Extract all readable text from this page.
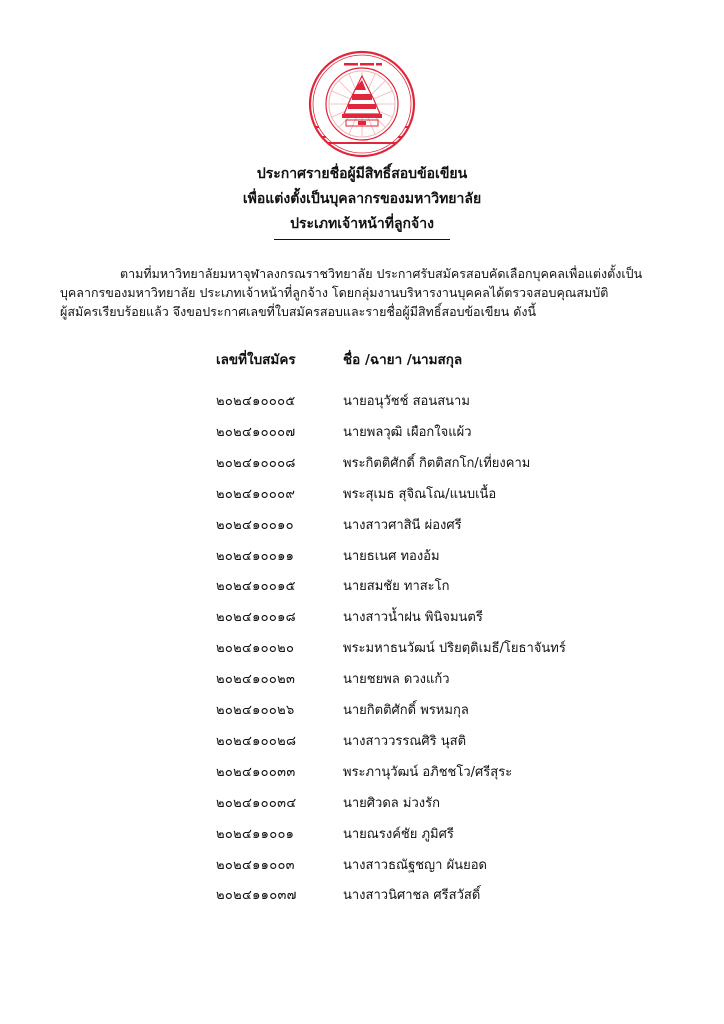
ประกาศรายชื่อผู้มีสิทธิ์สอบข้อเขียน
เพื่อแต่งตั้งเป็นบุคลากรของมหาวิทยาลัย
ประเภทเจ้าหน้าที่ลูกจ้าง
ตามที่มหาวิทยาลัยมหาจุฬาลงกรณราชวิทยาลัย ประกาศรับสมัครสอบคัดเลือกบุคคลเพื่อแต่งตั้งเป็น
บุคลากรของมหาวิทยาลัย ประเภทเจ้าหน้าที่ลูกจ้าง โดยกลุ่มงานบริหารงานบุคคลได้ตรวจสอบคุณสมบัติ
ผู้สมัครเรียบร้อยแล้ว จึงขอประกาศเลขที่ใบสมัครสอบและรายชื่อผู้มีสิทธิ์สอบข้อเขียน ดังนี้
เลขที่ใบสมัคร	ชื่อ /ฉายา /นามสกุล
๒๐๒๔๑๐๐๐๕	นายอนุวัชช์ สอนสนาม
๒๐๒๔๑๐๐๐๗	นายพลวุฒิ เผือกใจแผ้ว
๒๐๒๔๑๐๐๐๘	พระกิตติศักดิ์ กิตติสกโก/เที่ยงคาม
๒๐๒๔๑๐๐๐๙	พระสุเมธ สุจิณโณ/แนบเนื้อ
๒๐๒๔๑๐๐๑๐	นางสาวศาสินี ผ่องศรี
๒๐๒๔๑๐๐๑๑	นายธเนศ ทองอ้ม
๒๐๒๔๑๐๐๑๕	นายสมชัย ทาสะโก
๒๐๒๔๑๐๐๑๘	นางสาวน้ำฝน พินิจมนตรี
๒๐๒๔๑๐๐๒๐	พระมหาธนวัฒน์ ปริยตฺติเมธี/โยธาจันทร์
๒๐๒๔๑๐๐๒๓	นายชยพล ดวงแก้ว
๒๐๒๔๑๐๐๒๖	นายกิตติศักดิ์ พรหมกุล
๒๐๒๔๑๐๐๒๘	นางสาววรรณศิริ นุสติ
๒๐๒๔๑๐๐๓๓	พระภานุวัฒน์ อภิชชโว/ศรีสุระ
๒๐๒๔๑๐๐๓๔	นายศิวดล ม่วงรัก
๒๐๒๔๑๑๐๐๑	นายณรงค์ชัย ภูมิศรี
๒๐๒๔๑๑๐๐๓	นางสาวธณัฐชญา ผันยอด
๒๐๒๔๑๑๐๓๗	นางสาวนิศาชล ศรีสวัสดิ์
